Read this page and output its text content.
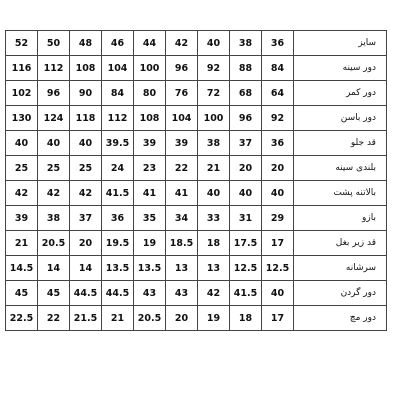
52	50	48	46	44	42	40	38	36	سایز
116	112	108	104	100	96	92	88	84	دور سینه
102	96	90	84	80	76	72	68	64	دور کمر
130	124	118	112	108	104	100	96	92	دور باسن
40	40	40	39.5	39	39	38	37	36	قد جلو
25	25	25	24	23	22	21	20	20	بلندی سینه
42	42	42	41.5	41	41	40	40	40	بالاتنه پشت
39	38	37	36	35	34	33	31	29	بازو
21	20.5	20	19.5	19	18.5	18	17.5	17	قد زیر بغل
14.5	14	14	13.5	13.5	13	13	12.5	12.5	سرشانه
45	45	44.5	44.5	43	43	42	41.5	40	دور گردن
22.5	22	21.5	21	20.5	20	19	18	17	دور مچ
